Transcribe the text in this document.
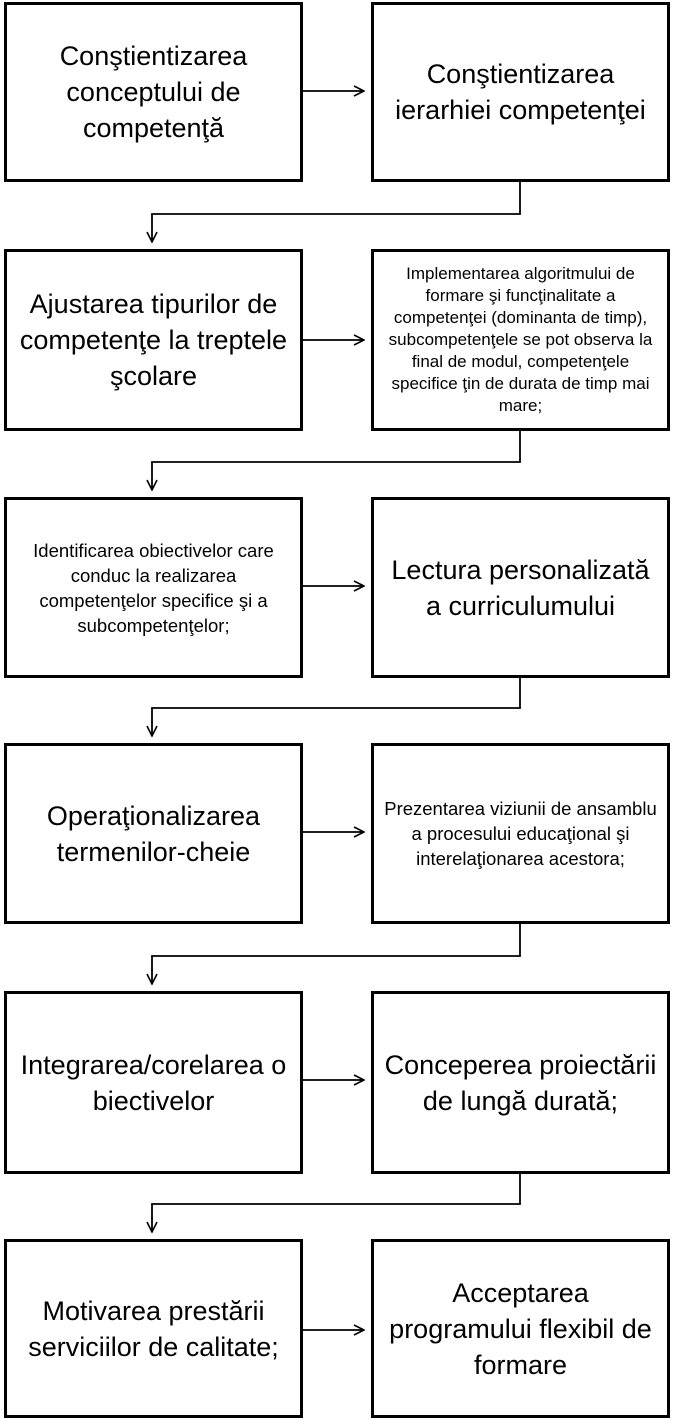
Conştientizarea conceptului de competenţă
Conştientizarea ierarhiei competenţei
Ajustarea tipurilor de competenţe la treptele şcolare
Implementarea algoritmului de formare şi funcţinalitate a competenţei (dominanta de timp), subcompetenţele se pot observa la final de modul, competenţele specifice ţin de durata de timp mai mare;
Identificarea obiectivelor care conduc la realizarea competenţelor specifice şi a subcompetenţelor;
Lectura personalizată a curriculumului
Operaţionalizarea termenilor-cheie
Prezentarea viziunii de ansamblu a procesului educaţional şi interelaţionarea acestora;
Integrarea/corelarea obiectivelor
Conceperea proiectării de lungă durată;
Motivarea prestării serviciilor de calitate;
Acceptarea programului flexibil de formare
